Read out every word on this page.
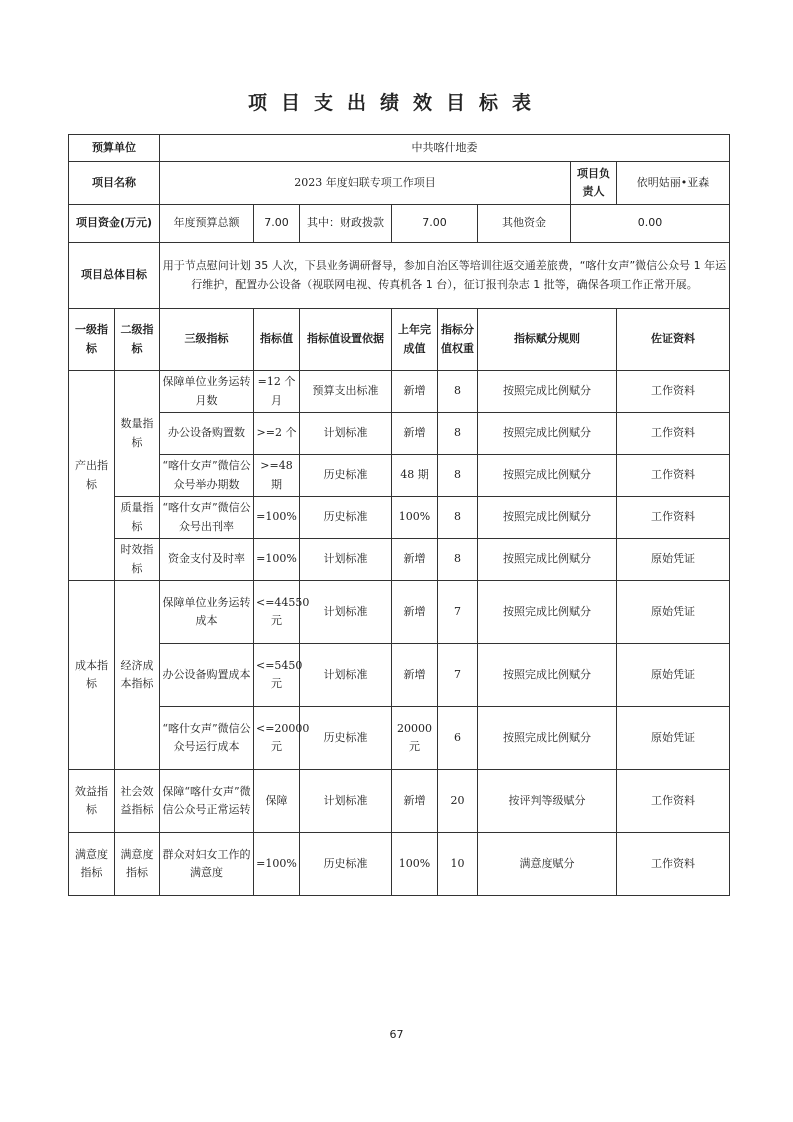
项目支出绩效目标表
预算单位		中共喀什地委							
项目名称		2023 年度妇联专项工作项目						项目负责人	依明姑丽•亚森
项目资金(万元)		年度预算总额	7.00	其中：财政拨款	7.00		其他资金	0.00	
项目总体目标		用于节点慰问计划 35 人次，下县业务调研督导，参加自治区等培训往返交通差旅费，“喀什女声”微信公众号 1 年运行维护，配置办公设备（视联网电视、传真机各 1 台），征订报刊杂志 1 批等，确保各项工作正常开展。							
一级指标	二级指标	三级指标	指标值	指标值设置依据	上年完成值	指标分值权重	指标赋分规则		佐证资料
产出指标	数量指标	保障单位业务运转月数	=12 个月	预算支出标准	新增	8	按照完成比例赋分		工作资料
		办公设备购置数	>=2 个	计划标准	新增	8	按照完成比例赋分		工作资料
		“喀什女声”微信公众号举办期数	>=48 期	历史标准	48 期	8	按照完成比例赋分		工作资料
	质量指标	“喀什女声”微信公众号出刊率	=100%	历史标准	100%	8	按照完成比例赋分		工作资料
	时效指标	资金支付及时率	=100%	计划标准	新增	8	按照完成比例赋分		原始凭证
成本指标	经济成本指标	保障单位业务运转成本	<=44550 元	计划标准	新增	7	按照完成比例赋分		原始凭证
		办公设备购置成本	<=5450 元	计划标准	新增	7	按照完成比例赋分		原始凭证
		“喀什女声”微信公众号运行成本	<=20000 元	历史标准	20000 元	6	按照完成比例赋分		原始凭证
效益指标	社会效益指标	保障“喀什女声”微信公众号正常运转	保障	计划标准	新增	20	按评判等级赋分		工作资料
满意度指标	满意度指标	群众对妇女工作的满意度	=100%	历史标准	100%	10	满意度赋分		工作资料
67
